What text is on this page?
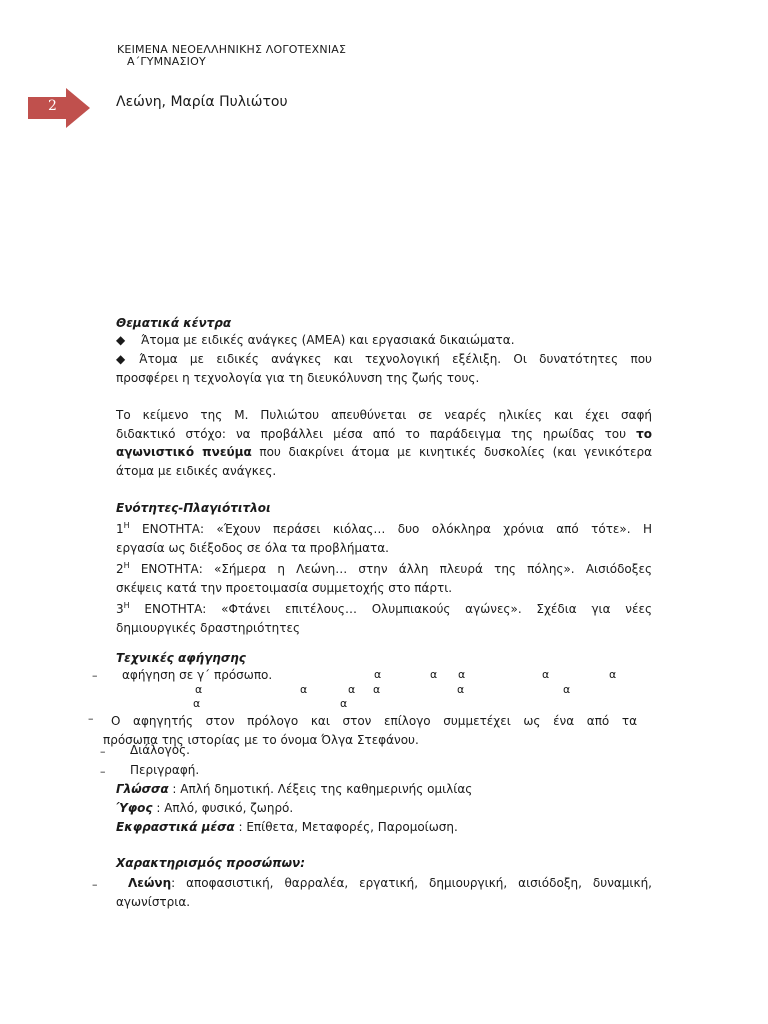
ΚΕΙΜΕΝΑ ΝΕΟΕΛΛΗΝΙΚΗΣ ΛΟΓΟΤΕΧΝΙΑΣ
Α΄ΓΥΜΝΑΣΙΟΥ
2	Λεώνη, Μαρία Πυλιώτου
Θεματικά κέντρα
◆ Άτομα με ειδικές ανάγκες (ΑΜΕΑ) και εργασιακά δικαιώματα.
◆ Άτομα με ειδικές ανάγκες και τεχνολογική εξέλιξη. Οι δυνατότητες που
προσφέρει η τεχνολογία για τη διευκόλυνση της ζωής τους.
Το κείμενο της Μ. Πυλιώτου απευθύνεται σε νεαρές ηλικίες και έχει σαφή
διδακτικό στόχο: να προβάλλει μέσα από το παράδειγμα της ηρωίδας του το
αγωνιστικό πνεύμα που διακρίνει άτομα με κινητικές δυσκολίες (και γενικότερα
άτομα με ειδικές ανάγκες.
Ενότητες-Πλαγιότιτλοι
$1^H$ ΕΝΟΤΗΤΑ: «Έχουν περάσει κιόλας… δυο ολόκληρα χρόνια από τότε». Η
εργασία ως διέξοδος σε όλα τα προβλήματα.
$2^H$ ΕΝΟΤΗΤΑ: «Σήμερα η Λεώνη… στην άλλη πλευρά της πόλης». Αισιόδοξες
σκέψεις κατά την προετοιμασία συμμετοχής στο πάρτι.
$3^H$ ΕΝΟΤΗΤΑ: «Φτάνει επιτέλους… Ολυμπιακούς αγώνες». Σχέδια για νέες
δημιουργικές δραστηριότητες
Τεχνικές αφήγησης
– αφήγηση σε γ΄ πρόσωπο.	α	α α	α	α
α	α	α α	α	α
α	α
–	Ο αφηγητής στον πρόλογο και στον επίλογο συμμετέχει ως ένα από τα
πρόσωπα της ιστορίας με το όνομα Όλγα Στεφάνου.
– Διάλογος.
– Περιγραφή.
Γλώσσα : Απλή δημοτική. Λέξεις της καθημερινής ομιλίας
Ύφος : Απλό, φυσικό, ζωηρό.
Εκφραστικά μέσα : Επίθετα, Μεταφορές, Παρομοίωση.
Χαρακτηρισμός προσώπων:
–	Λεώνη: αποφασιστική, θαρραλέα, εργατική, δημιουργική, αισιόδοξη, δυναμική,
αγωνίστρια.
